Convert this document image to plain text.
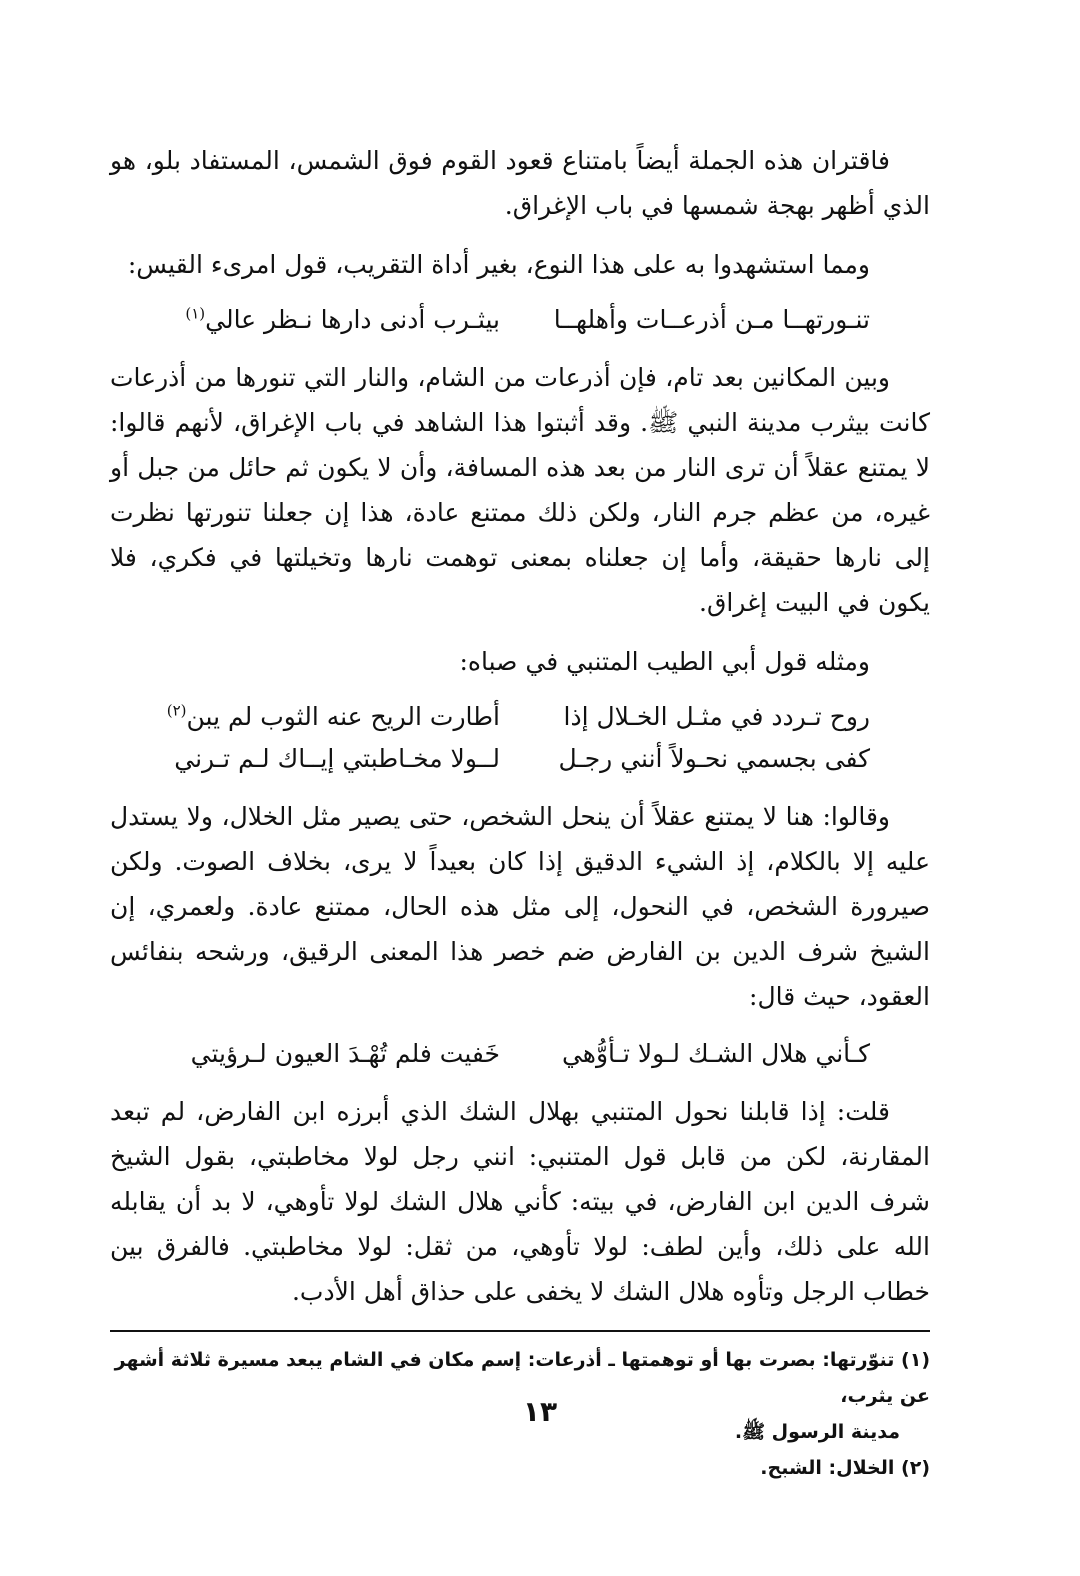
فاقتران هذه الجملة أيضاً بامتناع قعود القوم فوق الشمس، المستفاد بلو، هو الذي أظهر بهجة شمسها في باب الإغراق.

ومما استشهدوا به على هذا النوع، بغير أداة التقريب، قول امرىء القيس:

تنـورتهــا مـن أذرعــات وأهلهــا
بيثـرب أدنى دارها نـظر عالي$^{(١)}$

وبين المكانين بعد تام، فإن أذرعات من الشام، والنار التي تنورها من أذرعات كانت بيثرب مدينة النبي ﷺ. وقد أثبتوا هذا الشاهد في باب الإغراق، لأنهم قالوا: لا يمتنع عقلاً أن ترى النار من بعد هذه المسافة، وأن لا يكون ثم حائل من جبل أو غيره، من عظم جرم النار، ولكن ذلك ممتنع عادة، هذا إن جعلنا تنورتها نظرت إلى نارها حقيقة، وأما إن جعلناه بمعنى توهمت نارها وتخيلتها في فكري، فلا يكون في البيت إغراق.

ومثله قول أبي الطيب المتنبي في صباه:

روح تـردد في مثـل الخـلال إذا
أطارت الريح عنه الثوب لم يبن$^{(٢)}$
كفى بجسمي نحـولاً أنني رجـل
لــولا مخـاطبتي إيــاك لـم تـرني

وقالوا: هنا لا يمتنع عقلاً أن ينحل الشخص، حتى يصير مثل الخلال، ولا يستدل عليه إلا بالكلام، إذ الشيء الدقيق إذا كان بعيداً لا يرى، بخلاف الصوت. ولكن صيرورة الشخص، في النحول، إلى مثل هذه الحال، ممتنع عادة. ولعمري، إن الشيخ شرف الدين بن الفارض ضم خصر هذا المعنى الرقيق، ورشحه بنفائس العقود، حيث قال:

كـأني هلال الشـك لـولا تـأوُّهي
خَفيت فلم تُهْـدَ العيون لـرؤيتي

قلت: إذا قابلنا نحول المتنبي بهلال الشك الذي أبرزه ابن الفارض، لم تبعد المقارنة، لكن من قابل قول المتنبي: انني رجل لولا مخاطبتي، بقول الشيخ شرف الدين ابن الفارض، في بيته: كأني هلال الشك لولا تأوهي، لا بد أن يقابله الله على ذلك، وأين لطف: لولا تأوهي، من ثقل: لولا مخاطبتي. فالفرق بين خطاب الرجل وتأوه هلال الشك لا يخفى على حذاق أهل الأدب.

(١) تنوّرتها: بصرت بها أو توهمتها ـ أذرعات: إسم مكان في الشام يبعد مسيرة ثلاثة أشهر عن يثرب،
مدينة الرسول ﷺ.

(٢) الخلال: الشبح.

١٣
